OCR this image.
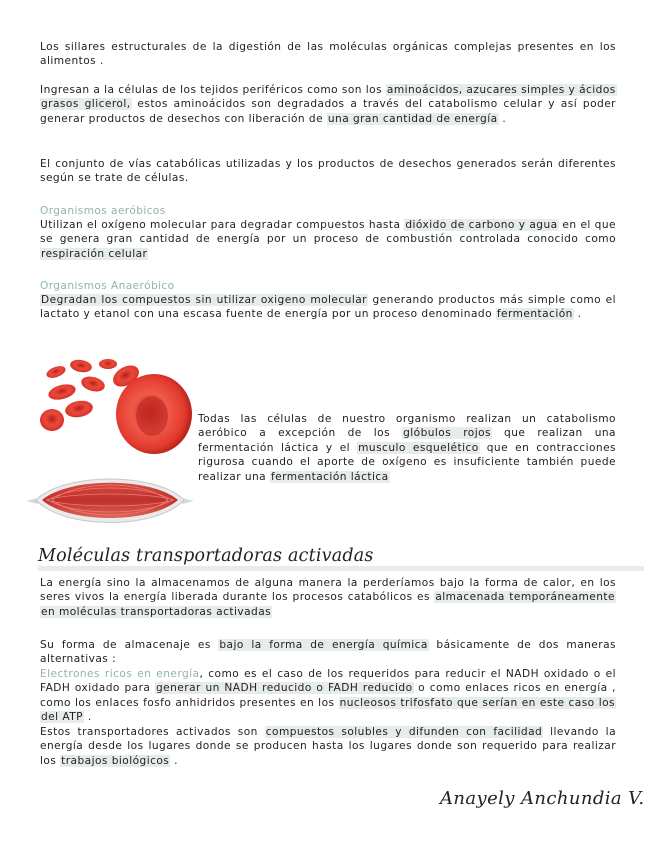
Los sillares estructurales de la digestión de las moléculas orgánicas complejas presentes en los alimentos .

Ingresan a la células de los tejidos periféricos como son los aminoácidos, azucares simples y ácidos grasos glicerol, estos aminoácidos son degradados a través del catabolismo celular y así poder generar productos de desechos con liberación de una gran cantidad de energía .

El conjunto de vías catabólicas utilizadas y los productos de desechos generados serán diferentes según se trate de células.

Organismos aeróbicos

Utilizan el oxígeno molecular para degradar compuestos hasta dióxido de carbono y agua en el que se genera gran cantidad de energía por un proceso de combustión controlada conocido como respiración celular

Organismos Anaeróbico

Degradan los compuestos sin utilizar oxigeno molecular generando productos más simple como el lactato y etanol con una escasa fuente de energía por un proceso denominado fermentación .

Todas las células de nuestro organismo realizan un catabolismo aeróbico a excepción de los glóbulos rojos que realizan una fermentación láctica y el musculo esquelético que en contracciones rigurosa cuando el aporte de oxígeno es insuficiente también puede realizar una fermentación láctica

Moléculas transportadoras activadas

La energía sino la almacenamos de alguna manera la perderíamos bajo la forma de calor, en los seres vivos la energía liberada durante los procesos catabólicos es almacenada temporáneamente en moléculas transportadoras activadas

Su forma de almacenaje es bajo la forma de energía química básicamente de dos maneras alternativas :

Electrones ricos en energía, como es el caso de los requeridos para reducir el NADH oxidado o el FADH oxidado para generar un NADH reducido o FADH reducido o como enlaces ricos en energía , como los enlaces fosfo anhidridos presentes en los nucleosos trifosfato que serían en este caso los del ATP .

Estos transportadores activados son compuestos solubles y difunden con facilidad llevando la energía desde los lugares donde se producen hasta los lugares donde son requerido para realizar los trabajos biológicos .

Anayely Anchundia V.
